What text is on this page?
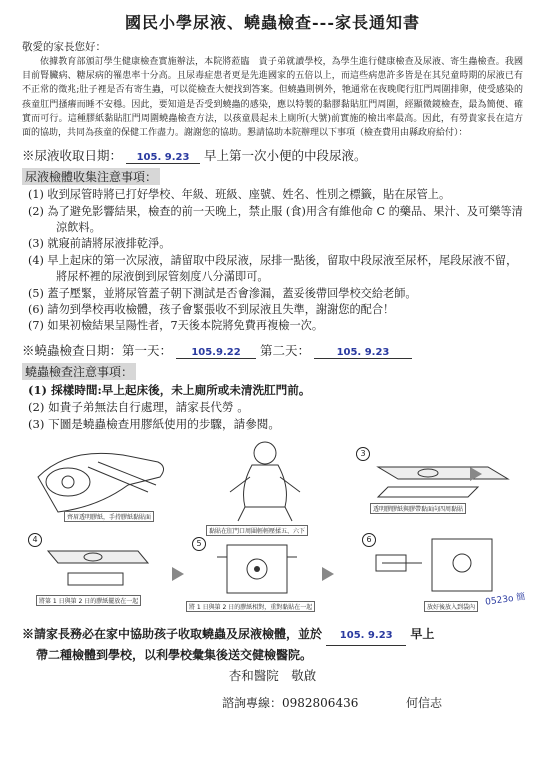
國民小學尿液、蟯蟲檢查---家長通知書
敬愛的家長您好：
依據教育部頒訂學生健康檢查實施辦法，本院將蒞臨　貴子弟就讀學校，為學生進行健康檢查及尿液、寄生蟲檢查。我國目前腎臟病、糖尿病的罹患率十分高。且尿毒症患者更是先進國家的五倍以上，而這些病患許多皆是在其兒童時期的尿液已有不正常的徵兆;肚子裡是否有寄生蟲，可以從檢查大便找到答案。但蟯蟲則例外，牠通常在夜晚爬行肛門周圍排卵，使受感染的孩童肛門搔癢而睡不安穩。因此，要知道是否受到蟯蟲的感染，應以特製的黏膠黏貼肛門周圍，經顯微鏡檢查，最為簡便、確實而可行。這種膠紙黏貼肛門周圍蟯蟲檢查方法，以孩童晨起未上廁所(大號)前實施的檢出率最高。因此，有勞貴家長在這方面的協助，共同為孩童的保健工作盡力。謝謝您的協助。懇請協助本院辦理以下事項（檢查費用由縣政府給付）：
※尿液收取日期： 105. 9.23 早上第一次小便的中段尿液。
尿液檢體收集注意事項：
(1) 收到尿管時將已打好學校、年級、班級、座號、姓名、性別之標籤，貼在尿管上。
(2) 為了避免影響結果，檢查的前一天晚上，禁止服 (食)用含有維他命 C 的藥品、果汁、及可樂等清涼飲料。
(3) 就寢前請將尿液排乾淨。
(4) 早上起床的第一次尿液，請留取中段尿液，尿排一點後，留取中段尿液至尿杯，尾段尿液不留，將尿杯裡的尿液倒到尿管刻度八分滿即可。
(5) 蓋子壓緊，並將尿管蓋子朝下測試是否會滲漏，蓋妥後帶回學校交給老師。
(6) 請勿到學校再收檢體，孩子會緊張收不到尿液且失準，謝謝您的配合！
(7) 如果初檢結果呈陽性者，7天後本院將免費再複檢一次。
※蟯蟲檢查日期：第一天： 105.9.22 第二天：	105. 9.23
蟯蟲檢查注意事項：
(1) 採樣時間:早上起床後，未上廁所或未清洗肛門前。
(2) 如貴子弟無法自行處理，請家長代勞 。
(3) 下圖是蟯蟲檢查用膠紙使用的步驟，請參閱。
齊眉透明膠紙，手持膠紙黏貼面
黏貼在肛門口周圍輕輕壓揉五、六下
3
透明膠膠紙與膠帶黏面向四周黏貼
4
將第 1 日與第 2 日的膠紙擺放在一起
5
將 1 日與第 2 日的膠紙相對，重對黏貼在一起
6
放好後放入到袋內
※請家長務必在家中協助孩子收取蟯蟲及尿液檢體，並於 105. 9.23 早上
帶二種檢體到學校，以利學校彙集後送交健檢醫院。
杏和醫院　敬啟
諮詢專線：0982806436	何信志
0523o 簡
